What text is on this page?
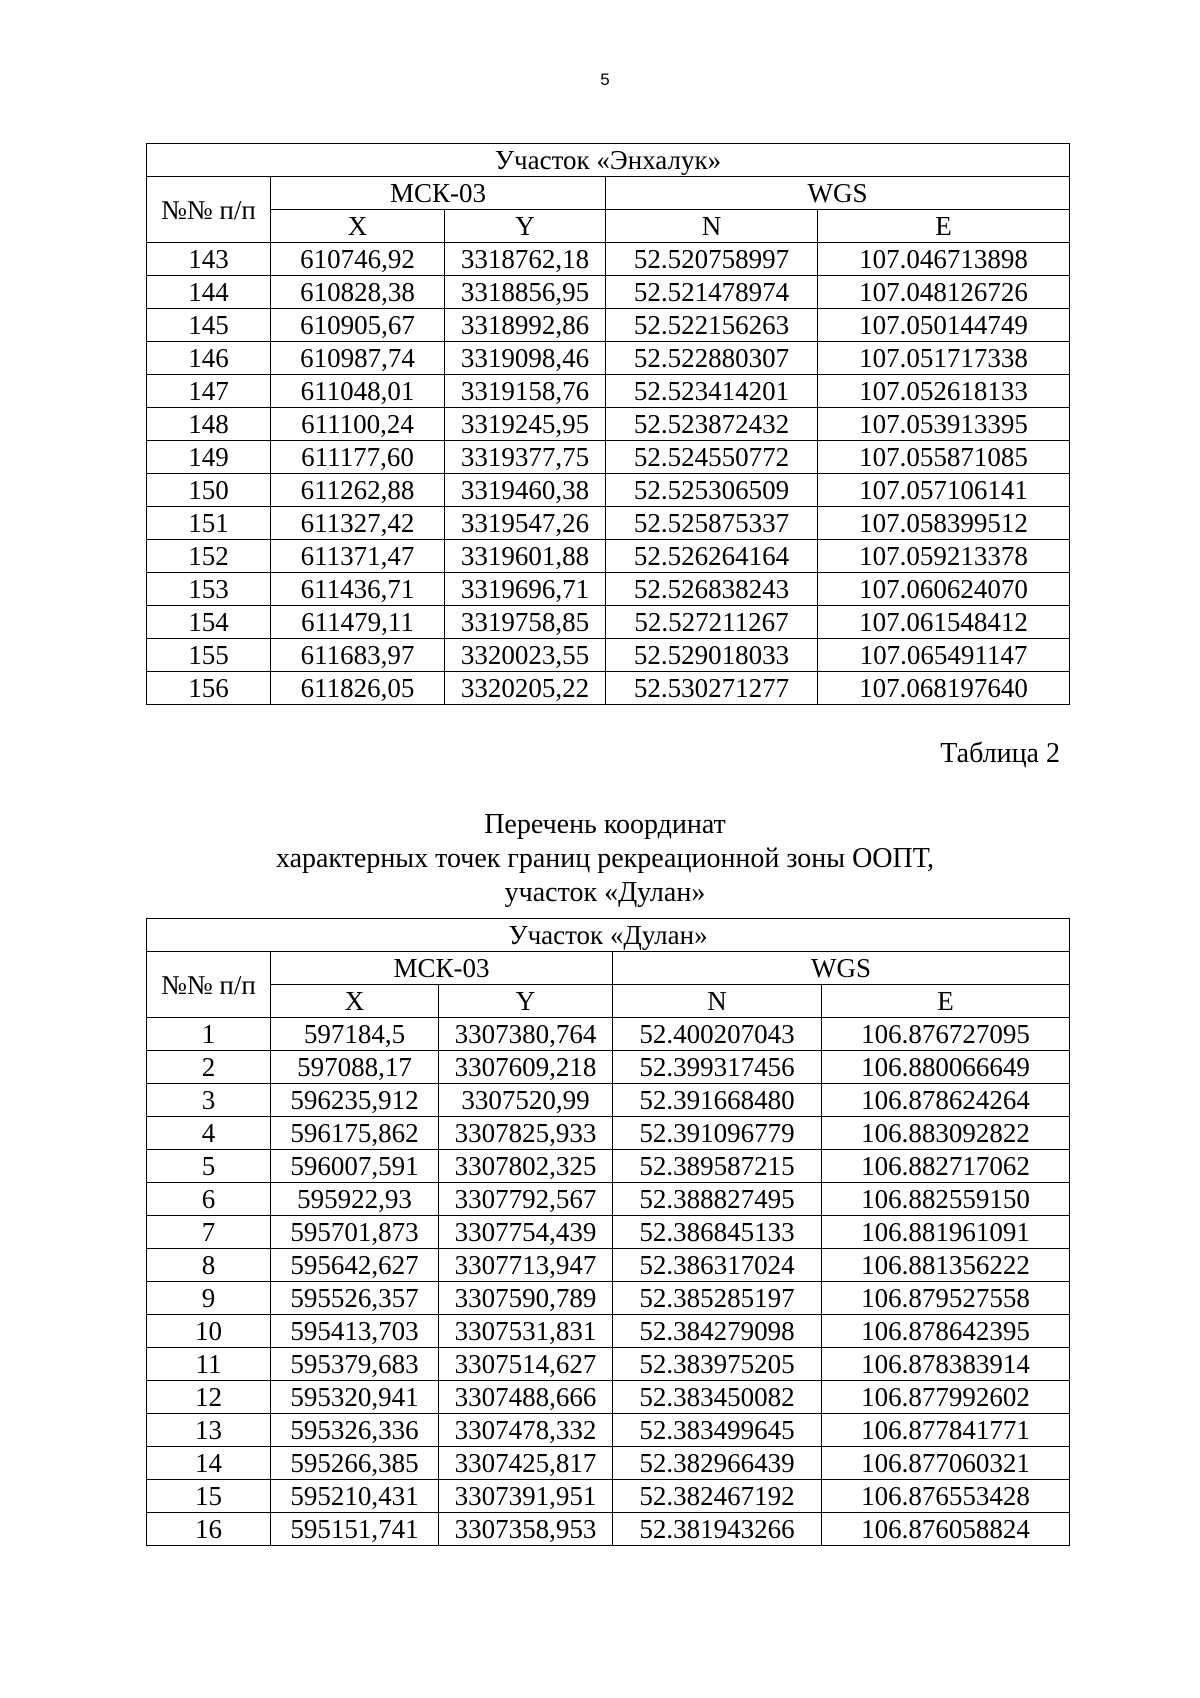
5
Участок «Энхалук»				
№№ п/п	МСК-03		WGS	
	X	Y	N	E
143	610746,92	3318762,18	52.520758997	107.046713898
144	610828,38	3318856,95	52.521478974	107.048126726
145	610905,67	3318992,86	52.522156263	107.050144749
146	610987,74	3319098,46	52.522880307	107.051717338
147	611048,01	3319158,76	52.523414201	107.052618133
148	611100,24	3319245,95	52.523872432	107.053913395
149	611177,60	3319377,75	52.524550772	107.055871085
150	611262,88	3319460,38	52.525306509	107.057106141
151	611327,42	3319547,26	52.525875337	107.058399512
152	611371,47	3319601,88	52.526264164	107.059213378
153	611436,71	3319696,71	52.526838243	107.060624070
154	611479,11	3319758,85	52.527211267	107.061548412
155	611683,97	3320023,55	52.529018033	107.065491147
156	611826,05	3320205,22	52.530271277	107.068197640
Таблица 2
Перечень координат
характерных точек границ рекреационной зоны ООПТ,
участок «Дулан»
Участок «Дулан»				
№№ п/п	МСК-03		WGS	
	X	Y	N	E
1	597184,5	3307380,764	52.400207043	106.876727095
2	597088,17	3307609,218	52.399317456	106.880066649
3	596235,912	3307520,99	52.391668480	106.878624264
4	596175,862	3307825,933	52.391096779	106.883092822
5	596007,591	3307802,325	52.389587215	106.882717062
6	595922,93	3307792,567	52.388827495	106.882559150
7	595701,873	3307754,439	52.386845133	106.881961091
8	595642,627	3307713,947	52.386317024	106.881356222
9	595526,357	3307590,789	52.385285197	106.879527558
10	595413,703	3307531,831	52.384279098	106.878642395
11	595379,683	3307514,627	52.383975205	106.878383914
12	595320,941	3307488,666	52.383450082	106.877992602
13	595326,336	3307478,332	52.383499645	106.877841771
14	595266,385	3307425,817	52.382966439	106.877060321
15	595210,431	3307391,951	52.382467192	106.876553428
16	595151,741	3307358,953	52.381943266	106.876058824
